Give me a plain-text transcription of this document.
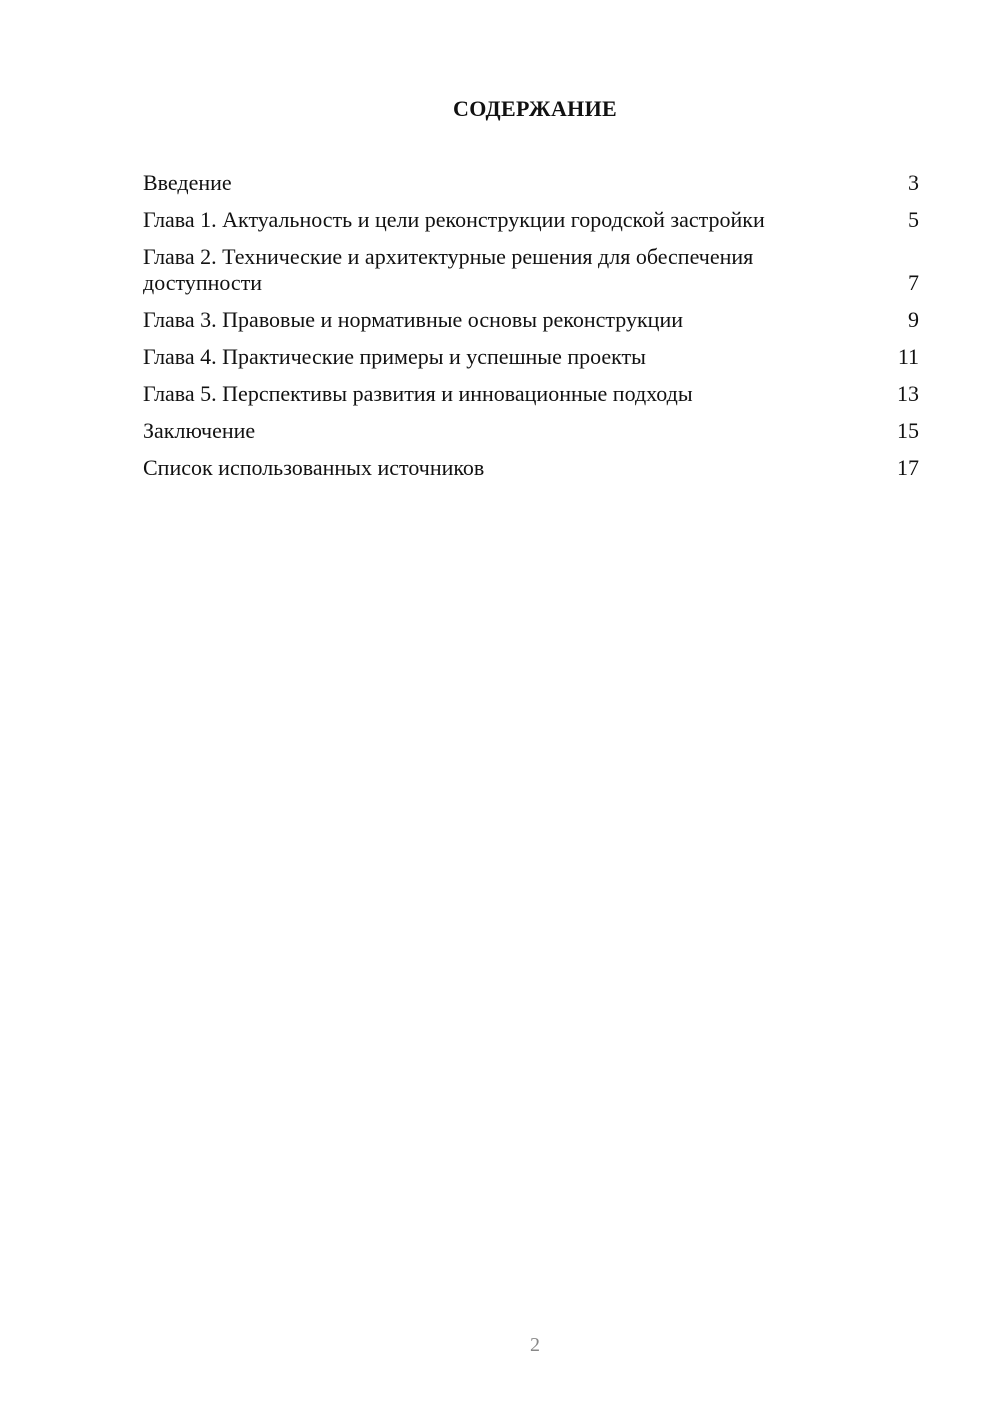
СОДЕРЖАНИЕ
Введение	3
Глава 1. Актуальность и цели реконструкции городской застройки	5
Глава 2. Технические и архитектурные решения для обеспечения доступности	7
Глава 3. Правовые и нормативные основы реконструкции	9
Глава 4. Практические примеры и успешные проекты	11
Глава 5. Перспективы развития и инновационные подходы	13
Заключение	15
Список использованных источников	17
2
